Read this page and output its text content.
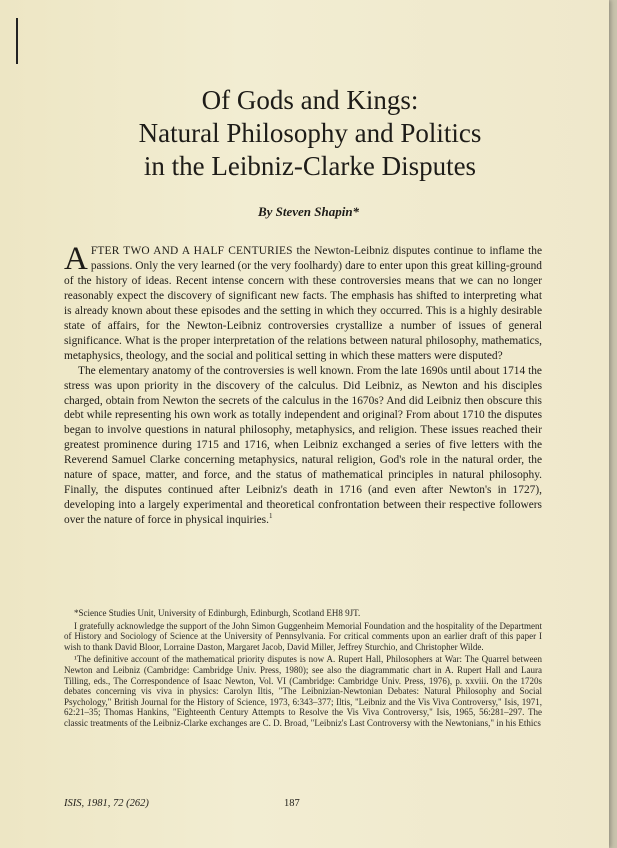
Of Gods and Kings:
Natural Philosophy and Politics
in the Leibniz-Clarke Disputes
By Steven Shapin*

AFTER TWO AND A HALF CENTURIES the Newton-Leibniz disputes continue to inflame the passions. Only the very learned (or the very foolhardy) dare to enter upon this great killing-ground of the history of ideas. Recent intense concern with these controversies means that we can no longer reasonably expect the discovery of significant new facts. The emphasis has shifted to interpreting what is already known about these episodes and the setting in which they occurred. This is a highly desirable state of affairs, for the Newton-Leibniz controversies crystallize a number of issues of general significance. What is the proper interpretation of the relations between natural philosophy, mathematics, metaphysics, theology, and the social and political setting in which these matters were disputed?

The elementary anatomy of the controversies is well known. From the late 1690s until about 1714 the stress was upon priority in the discovery of the calculus. Did Leibniz, as Newton and his disciples charged, obtain from Newton the secrets of the calculus in the 1670s? And did Leibniz then obscure this debt while representing his own work as totally independent and original? From about 1710 the disputes began to involve questions in natural philosophy, metaphysics, and religion. These issues reached their greatest prominence during 1715 and 1716, when Leibniz exchanged a series of five letters with the Reverend Samuel Clarke concerning metaphysics, natural religion, God's role in the natural order, the nature of space, matter, and force, and the status of mathematical principles in natural philosophy. Finally, the disputes continued after Leibniz's death in 1716 (and even after Newton's in 1727), developing into a largely experimental and theoretical confrontation between their respective followers over the nature of force in physical inquiries.$^1$

*Science Studies Unit, University of Edinburgh, Edinburgh, Scotland EH8 9JT.

I gratefully acknowledge the support of the John Simon Guggenheim Memorial Foundation and the hospitality of the Department of History and Sociology of Science at the University of Pennsylvania. For critical comments upon an earlier draft of this paper I wish to thank David Bloor, Lorraine Daston, Margaret Jacob, David Miller, Jeffrey Sturchio, and Christopher Wilde.

¹The definitive account of the mathematical priority disputes is now A. Rupert Hall, Philosophers at War: The Quarrel between Newton and Leibniz (Cambridge: Cambridge Univ. Press, 1980); see also the diagrammatic chart in A. Rupert Hall and Laura Tilling, eds., The Correspondence of Isaac Newton, Vol. VI (Cambridge: Cambridge Univ. Press, 1976), p. xxviii. On the 1720s debates concerning vis viva in physics: Carolyn Iltis, "The Leibnizian-Newtonian Debates: Natural Philosophy and Social Psychology," British Journal for the History of Science, 1973, 6:343–377; Iltis, "Leibniz and the Vis Viva Controversy," Isis, 1971, 62:21–35; Thomas Hankins, "Eighteenth Century Attempts to Resolve the Vis Viva Controversy," Isis, 1965, 56:281–297. The classic treatments of the Leibniz-Clarke exchanges are C. D. Broad, "Leibniz's Last Controversy with the Newtonians," in his Ethics

ISIS, 1981, 72 (262)	187
